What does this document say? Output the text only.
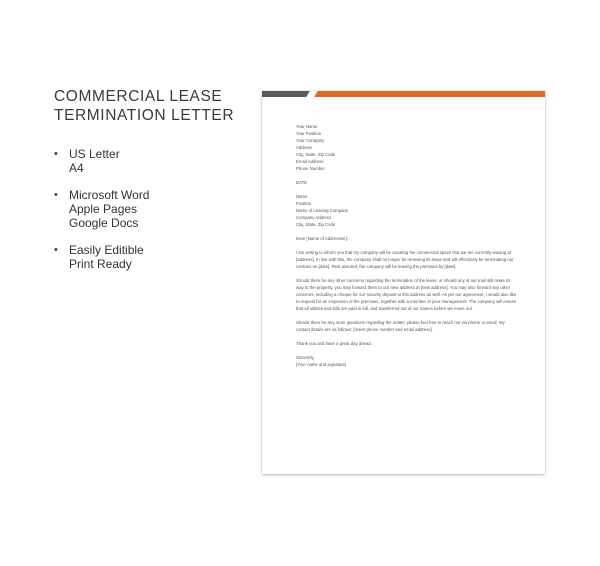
COMMERCIAL LEASE
TERMINATION LETTER
• US Letter
A4
• Microsoft Word
Apple Pages
Google Docs
• Easily Editible
Print Ready
Your Name
Your Position
Your Company
Address
City, State, Zip Code
Email Address
Phone Number
DATE
Name
Position
Name of Leasing Company
Company Address
City, State, Zip Code
Dear [Name of Addressee]:
I am writing to inform you that my company will be vacating the commercial space that we are currently leasing at [address]. In line with this, the company shall no longer be renewing its lease and will effectively be terminating our contract on [date]. Rest assured, the company will be leaving the premises by [date].
Should there be any other concerns regarding the termination of the lease, or should any of our mail still make its way to the property, you may forward them to our new address at [new address]. You may also forward any other concerns, including a cheque for our security deposit to this address as well. As per our agreement, I would also like to request for an inspection of the premises, together with a member of your management. The company will ensure that all utilities and bills are paid in full, and transferred out of our names before we move out.
Should there be any more questions regarding the matter, please feel free to reach me via phone or email. My contact details are as follows: [Insert phone number and email address].
Thank you and have a great day ahead.
Sincerely,
[Your name and signature]
